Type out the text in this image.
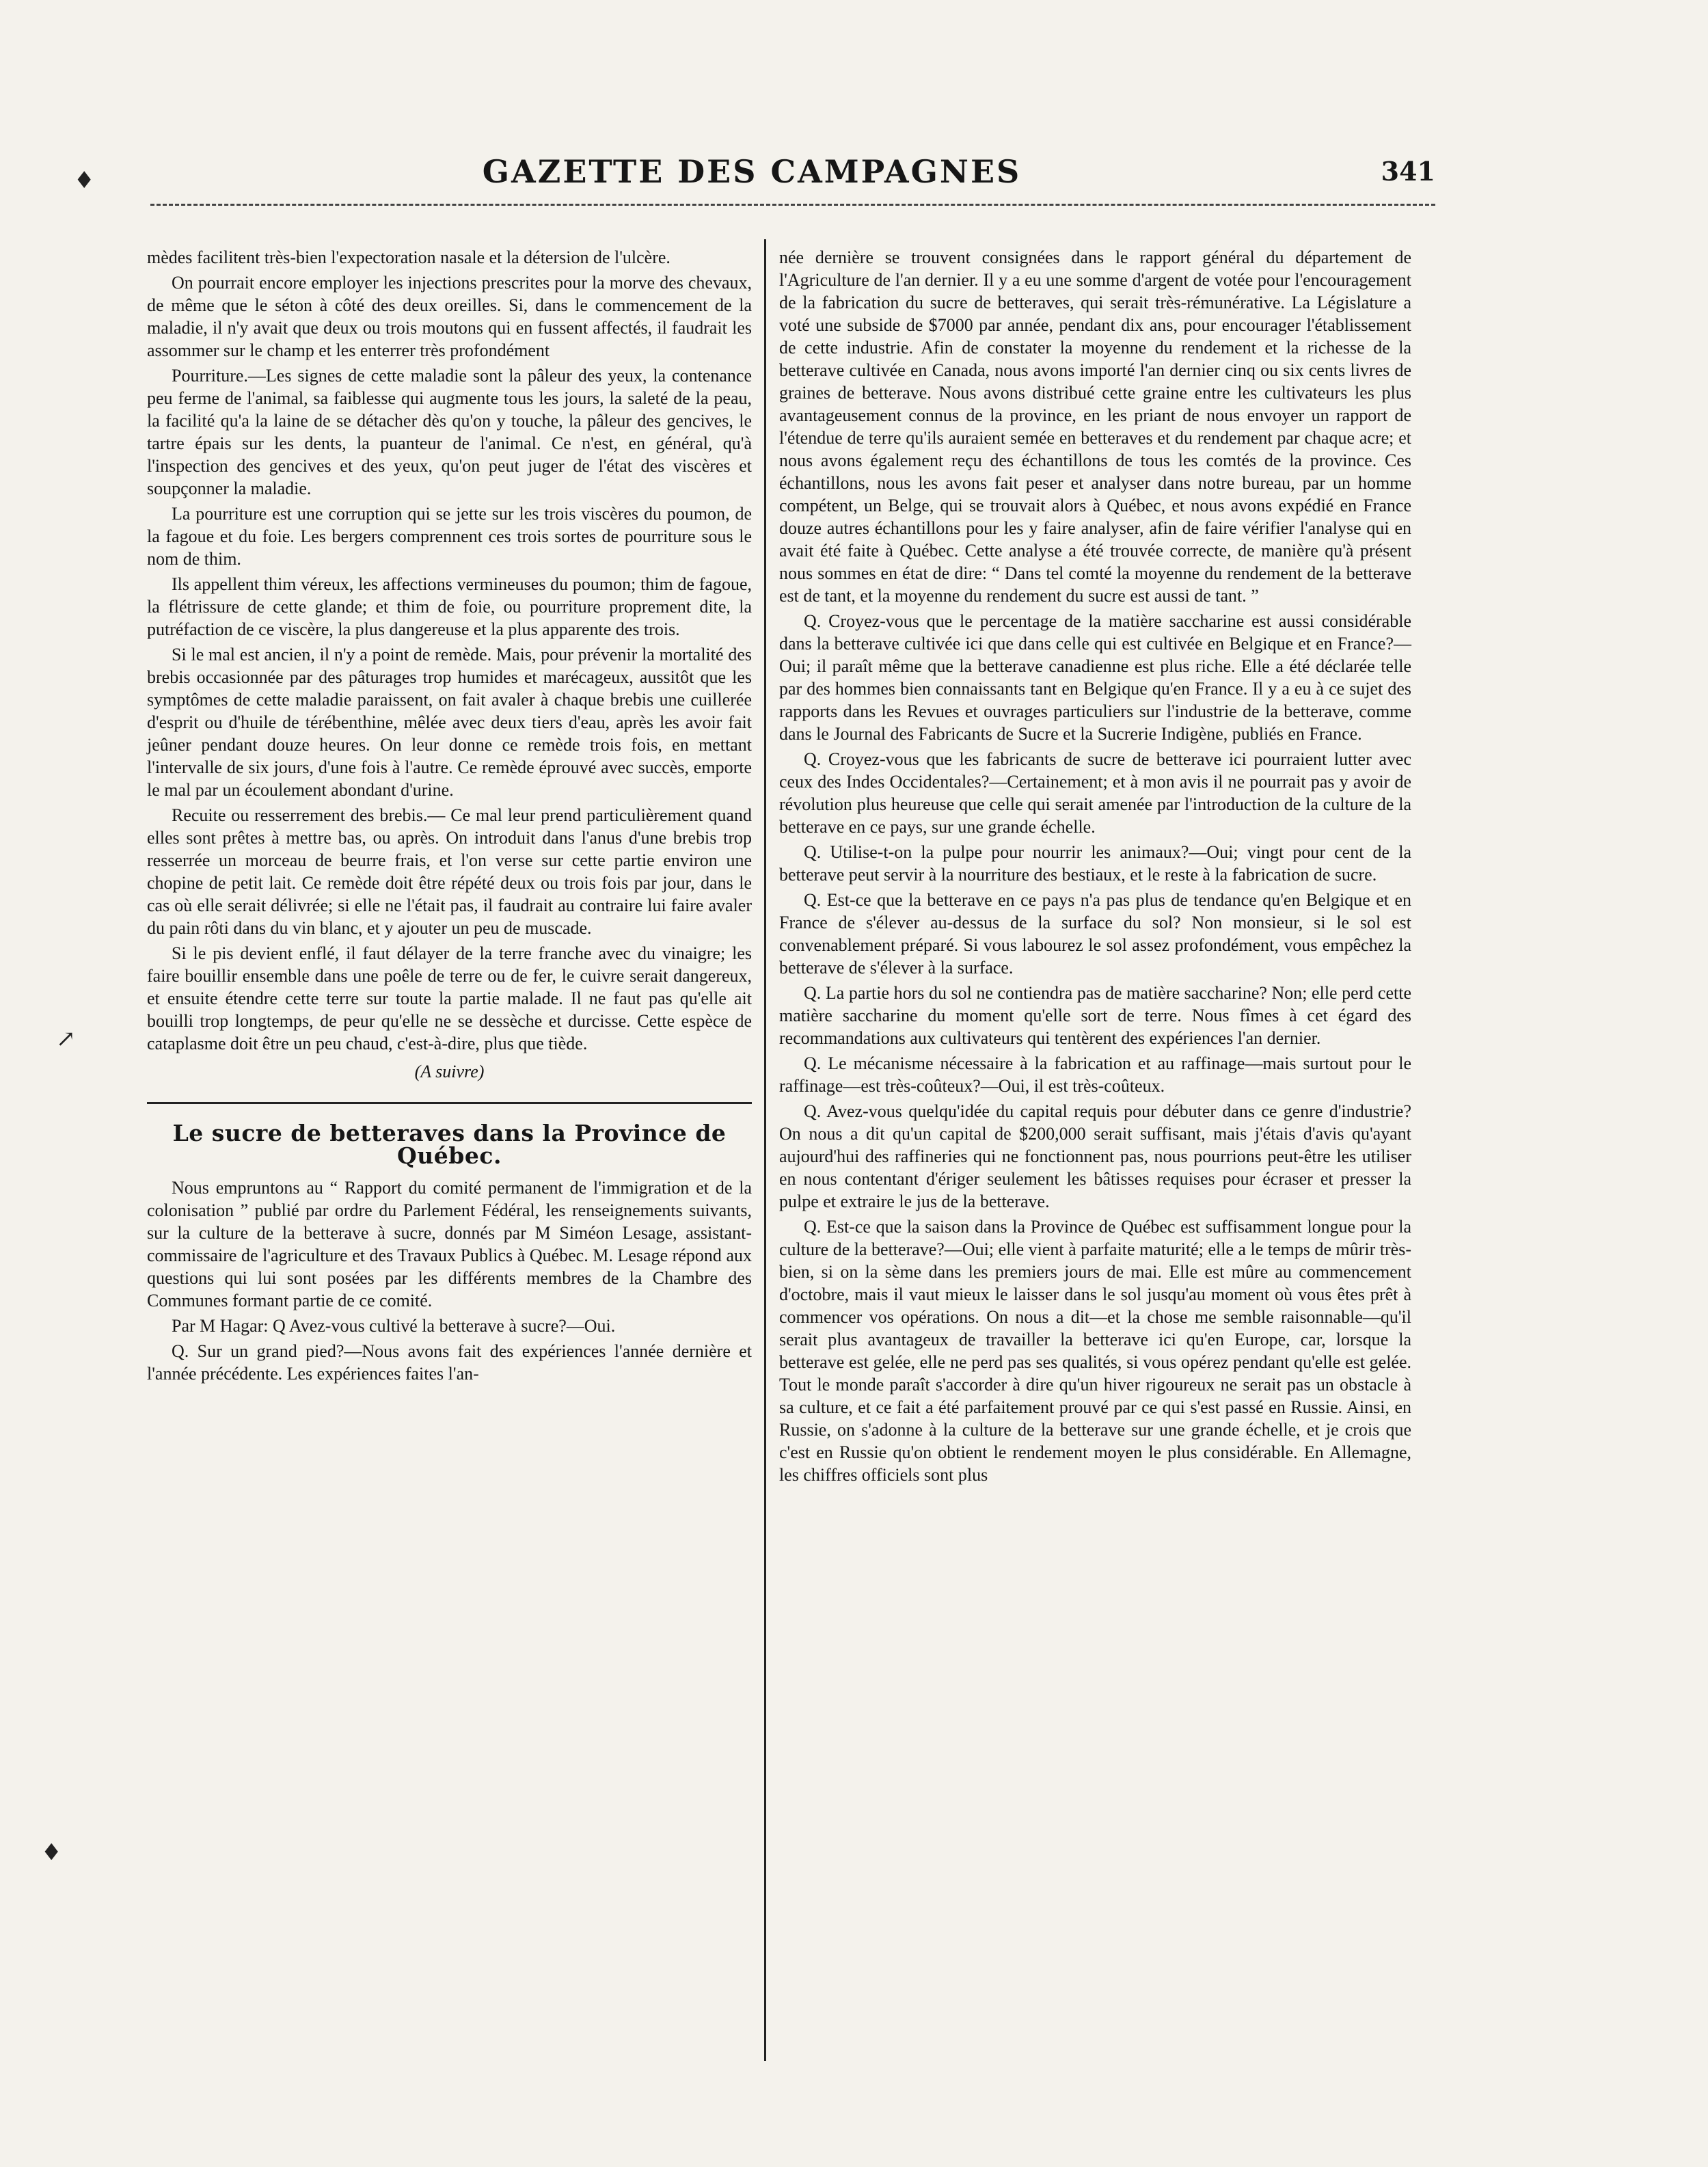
GAZETTE DES CAMPAGNES	341
♦
↗
♦

mèdes facilitent très-bien l'expectoration nasale et la détersion de l'ulcère.

On pourrait encore employer les injections prescrites pour la morve des chevaux, de même que le séton à côté des deux oreilles. Si, dans le commencement de la maladie, il n'y avait que deux ou trois moutons qui en fussent affectés, il faudrait les assommer sur le champ et les enterrer très profondément

Pourriture.—Les signes de cette maladie sont la pâleur des yeux, la contenance peu ferme de l'animal, sa faiblesse qui augmente tous les jours, la saleté de la peau, la facilité qu'a la laine de se détacher dès qu'on y touche, la pâleur des gencives, le tartre épais sur les dents, la puanteur de l'animal. Ce n'est, en général, qu'à l'inspection des gencives et des yeux, qu'on peut juger de l'état des viscères et soupçonner la maladie.

La pourriture est une corruption qui se jette sur les trois viscères du poumon, de la fagoue et du foie. Les bergers comprennent ces trois sortes de pourriture sous le nom de thim.

Ils appellent thim véreux, les affections vermineuses du poumon; thim de fagoue, la flétrissure de cette glande; et thim de foie, ou pourriture proprement dite, la putréfaction de ce viscère, la plus dangereuse et la plus apparente des trois.

Si le mal est ancien, il n'y a point de remède. Mais, pour prévenir la mortalité des brebis occasionnée par des pâturages trop humides et marécageux, aussitôt que les symptômes de cette maladie paraissent, on fait avaler à chaque brebis une cuillerée d'esprit ou d'huile de térébenthine, mêlée avec deux tiers d'eau, après les avoir fait jeûner pendant douze heures. On leur donne ce remède trois fois, en mettant l'intervalle de six jours, d'une fois à l'autre. Ce remède éprouvé avec succès, emporte le mal par un écoulement abondant d'urine.

Recuite ou resserrement des brebis.— Ce mal leur prend particulièrement quand elles sont prêtes à mettre bas, ou après. On introduit dans l'anus d'une brebis trop resserrée un morceau de beurre frais, et l'on verse sur cette partie environ une chopine de petit lait. Ce remède doit être répété deux ou trois fois par jour, dans le cas où elle serait délivrée; si elle ne l'était pas, il faudrait au contraire lui faire avaler du pain rôti dans du vin blanc, et y ajouter un peu de muscade.

Si le pis devient enflé, il faut délayer de la terre franche avec du vinaigre; les faire bouillir ensemble dans une poêle de terre ou de fer, le cuivre serait dangereux, et ensuite étendre cette terre sur toute la partie malade. Il ne faut pas qu'elle ait bouilli trop longtemps, de peur qu'elle ne se dessèche et durcisse. Cette espèce de cataplasme doit être un peu chaud, c'est-à-dire, plus que tiède.

(A suivre)

Le sucre de betteraves dans la Province de Québec.

Nous empruntons au “ Rapport du comité permanent de l'immigration et de la colonisation ” publié par ordre du Parlement Fédéral, les renseignements suivants, sur la culture de la betterave à sucre, donnés par M Siméon Lesage, assistant-commissaire de l'agriculture et des Travaux Publics à Québec. M. Lesage répond aux questions qui lui sont posées par les différents membres de la Chambre des Communes formant partie de ce comité.

Par M Hagar: Q Avez-vous cultivé la betterave à sucre?—Oui.

Q. Sur un grand pied?—Nous avons fait des expériences l'année dernière et l'année précédente. Les expériences faites l'an-

née dernière se trouvent consignées dans le rapport général du département de l'Agriculture de l'an dernier. Il y a eu une somme d'argent de votée pour l'encouragement de la fabrication du sucre de betteraves, qui serait très-rémunérative. La Législature a voté une subside de $7000 par année, pendant dix ans, pour encourager l'établissement de cette industrie. Afin de constater la moyenne du rendement et la richesse de la betterave cultivée en Canada, nous avons importé l'an dernier cinq ou six cents livres de graines de betterave. Nous avons distribué cette graine entre les cultivateurs les plus avantageusement connus de la province, en les priant de nous envoyer un rapport de l'étendue de terre qu'ils auraient semée en betteraves et du rendement par chaque acre; et nous avons également reçu des échantillons de tous les comtés de la province. Ces échantillons, nous les avons fait peser et analyser dans notre bureau, par un homme compétent, un Belge, qui se trouvait alors à Québec, et nous avons expédié en France douze autres échantillons pour les y faire analyser, afin de faire vérifier l'analyse qui en avait été faite à Québec. Cette analyse a été trouvée correcte, de manière qu'à présent nous sommes en état de dire: “ Dans tel comté la moyenne du rendement de la betterave est de tant, et la moyenne du rendement du sucre est aussi de tant. ”

Q. Croyez-vous que le percentage de la matière saccharine est aussi considérable dans la betterave cultivée ici que dans celle qui est cultivée en Belgique et en France?—Oui; il paraît même que la betterave canadienne est plus riche. Elle a été déclarée telle par des hommes bien connaissants tant en Belgique qu'en France. Il y a eu à ce sujet des rapports dans les Revues et ouvrages particuliers sur l'industrie de la betterave, comme dans le Journal des Fabricants de Sucre et la Sucrerie Indigène, publiés en France.

Q. Croyez-vous que les fabricants de sucre de betterave ici pourraient lutter avec ceux des Indes Occidentales?—Certainement; et à mon avis il ne pourrait pas y avoir de révolution plus heureuse que celle qui serait amenée par l'introduction de la culture de la betterave en ce pays, sur une grande échelle.

Q. Utilise-t-on la pulpe pour nourrir les animaux?—Oui; vingt pour cent de la betterave peut servir à la nourriture des bestiaux, et le reste à la fabrication de sucre.

Q. Est-ce que la betterave en ce pays n'a pas plus de tendance qu'en Belgique et en France de s'élever au-dessus de la surface du sol? Non monsieur, si le sol est convenablement préparé. Si vous labourez le sol assez profondément, vous empêchez la betterave de s'élever à la surface.

Q. La partie hors du sol ne contiendra pas de matière saccharine? Non; elle perd cette matière saccharine du moment qu'elle sort de terre. Nous fîmes à cet égard des recommandations aux cultivateurs qui tentèrent des expériences l'an dernier.

Q. Le mécanisme nécessaire à la fabrication et au raffinage—mais surtout pour le raffinage—est très-coûteux?—Oui, il est très-coûteux.

Q. Avez-vous quelqu'idée du capital requis pour débuter dans ce genre d'industrie? On nous a dit qu'un capital de $200,000 serait suffisant, mais j'étais d'avis qu'ayant aujourd'hui des raffineries qui ne fonctionnent pas, nous pourrions peut-être les utiliser en nous contentant d'ériger seulement les bâtisses requises pour écraser et presser la pulpe et extraire le jus de la betterave.

Q. Est-ce que la saison dans la Province de Québec est suffisamment longue pour la culture de la betterave?—Oui; elle vient à parfaite maturité; elle a le temps de mûrir très-bien, si on la sème dans les premiers jours de mai. Elle est mûre au commencement d'octobre, mais il vaut mieux le laisser dans le sol jusqu'au moment où vous êtes prêt à commencer vos opérations. On nous a dit—et la chose me semble raisonnable—qu'il serait plus avantageux de travailler la betterave ici qu'en Europe, car, lorsque la betterave est gelée, elle ne perd pas ses qualités, si vous opérez pendant qu'elle est gelée. Tout le monde paraît s'accorder à dire qu'un hiver rigoureux ne serait pas un obstacle à sa culture, et ce fait a été parfaitement prouvé par ce qui s'est passé en Russie. Ainsi, en Russie, on s'adonne à la culture de la betterave sur une grande échelle, et je crois que c'est en Russie qu'on obtient le rendement moyen le plus considérable. En Allemagne, les chiffres officiels sont plus
